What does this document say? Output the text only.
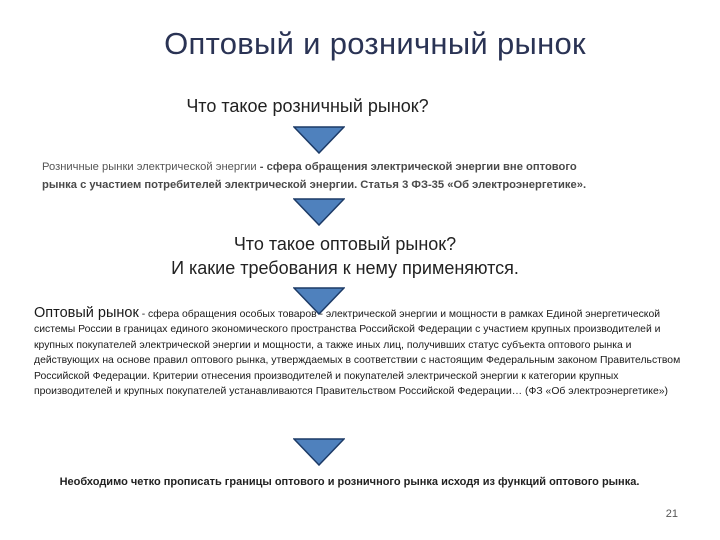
Оптовый и розничный рынок
Что такое розничный рынок?
Розничные рынки электрической энергии - сфера обращения электрической энергии вне оптового рынка с участием потребителей электрической энергии. Статья 3 ФЗ-35 «Об электроэнергетике».
Что такое оптовый рынок?
И какие требования к нему применяются.
Оптовый рынок - сфера обращения особых товаров - электрической энергии и мощности в рамках Единой энергетической системы России в границах единого экономического пространства Российской Федерации с участием крупных производителей и крупных покупателей электрической энергии и мощности, а также иных лиц, получивших статус субъекта оптового рынка и действующих на основе правил оптового рынка, утверждаемых в соответствии с настоящим Федеральным законом Правительством Российской Федерации. Критерии отнесения производителей и покупателей электрической энергии к категории крупных производителей и крупных покупателей устанавливаются Правительством Российской Федерации… (ФЗ «Об электроэнергетике»)
Необходимо четко прописать границы оптового и розничного рынка исходя из функций оптового рынка.
21
